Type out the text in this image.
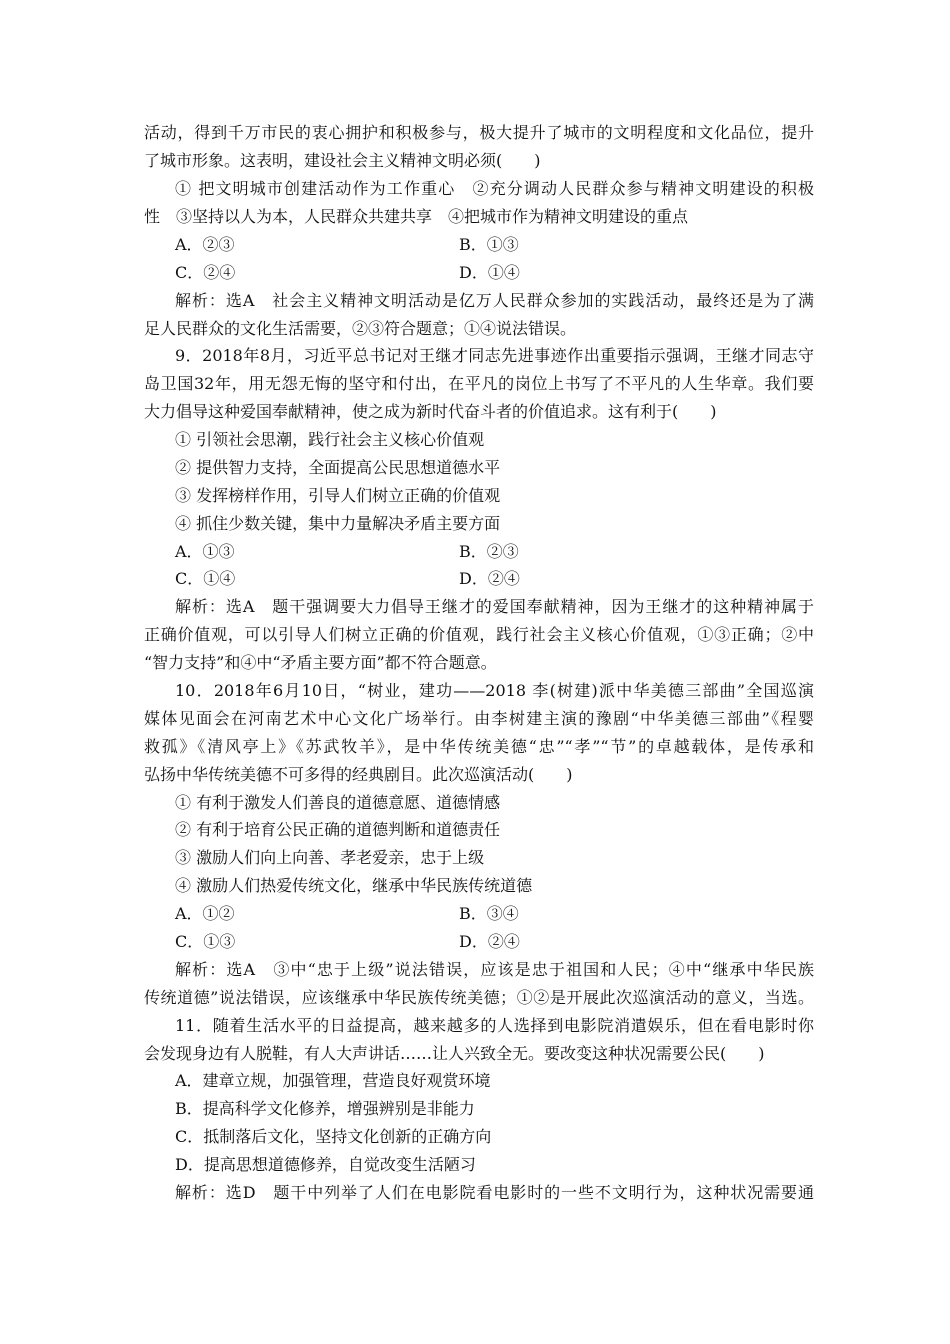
活动，得到千万市民的衷心拥护和积极参与，极大提升了城市的文明程度和文化品位，提升
了城市形象。这表明，建设社会主义精神文明必须(　　)
① 把文明城市创建活动作为工作重心　②充分调动人民群众参与精神文明建设的积极
性　③坚持以人为本，人民群众共建共享　④把城市作为精神文明建设的重点
A．②③	B．①③
C．②④	D．①④
解析：选A　社会主义精神文明活动是亿万人民群众参加的实践活动，最终还是为了满
足人民群众的文化生活需要，②③符合题意；①④说法错误。
9．2018年8月，习近平总书记对王继才同志先进事迹作出重要指示强调，王继才同志守
岛卫国32年，用无怨无悔的坚守和付出，在平凡的岗位上书写了不平凡的人生华章。我们要
大力倡导这种爱国奉献精神，使之成为新时代奋斗者的价值追求。这有利于(　　)
① 引领社会思潮，践行社会主义核心价值观
② 提供智力支持，全面提高公民思想道德水平
③ 发挥榜样作用，引导人们树立正确的价值观
④ 抓住少数关键，集中力量解决矛盾主要方面
A．①③	B．②③
C．①④	D．②④
解析：选A　题干强调要大力倡导王继才的爱国奉献精神，因为王继才的这种精神属于
正确价值观，可以引导人们树立正确的价值观，践行社会主义核心价值观，①③正确；②中
“智力支持”和④中“矛盾主要方面”都不符合题意。
10．2018年6月10日，“树业，建功——2018 李(树建)派中华美德三部曲”全国巡演
媒体见面会在河南艺术中心文化广场举行。由李树建主演的豫剧“中华美德三部曲”《程婴
救孤》《清风亭上》《苏武牧羊》，是中华传统美德“忠”“孝”“节”的卓越载体，是传承和
弘扬中华传统美德不可多得的经典剧目。此次巡演活动(　　)
① 有利于激发人们善良的道德意愿、道德情感
② 有利于培育公民正确的道德判断和道德责任
③ 激励人们向上向善、孝老爱亲，忠于上级
④ 激励人们热爱传统文化，继承中华民族传统道德
A．①②	B．③④
C．①③	D．②④
解析：选A　③中“忠于上级”说法错误，应该是忠于祖国和人民；④中“继承中华民族
传统道德”说法错误，应该继承中华民族传统美德；①②是开展此次巡演活动的意义，当选。
11．随着生活水平的日益提高，越来越多的人选择到电影院消遣娱乐，但在看电影时你
会发现身边有人脱鞋，有人大声讲话……让人兴致全无。要改变这种状况需要公民(　　)
A．建章立规，加强管理，营造良好观赏环境
B．提高科学文化修养，增强辨别是非能力
C．抵制落后文化，坚持文化创新的正确方向
D．提高思想道德修养，自觉改变生活陋习
解析：选D　题干中列举了人们在电影院看电影时的一些不文明行为，这种状况需要通
